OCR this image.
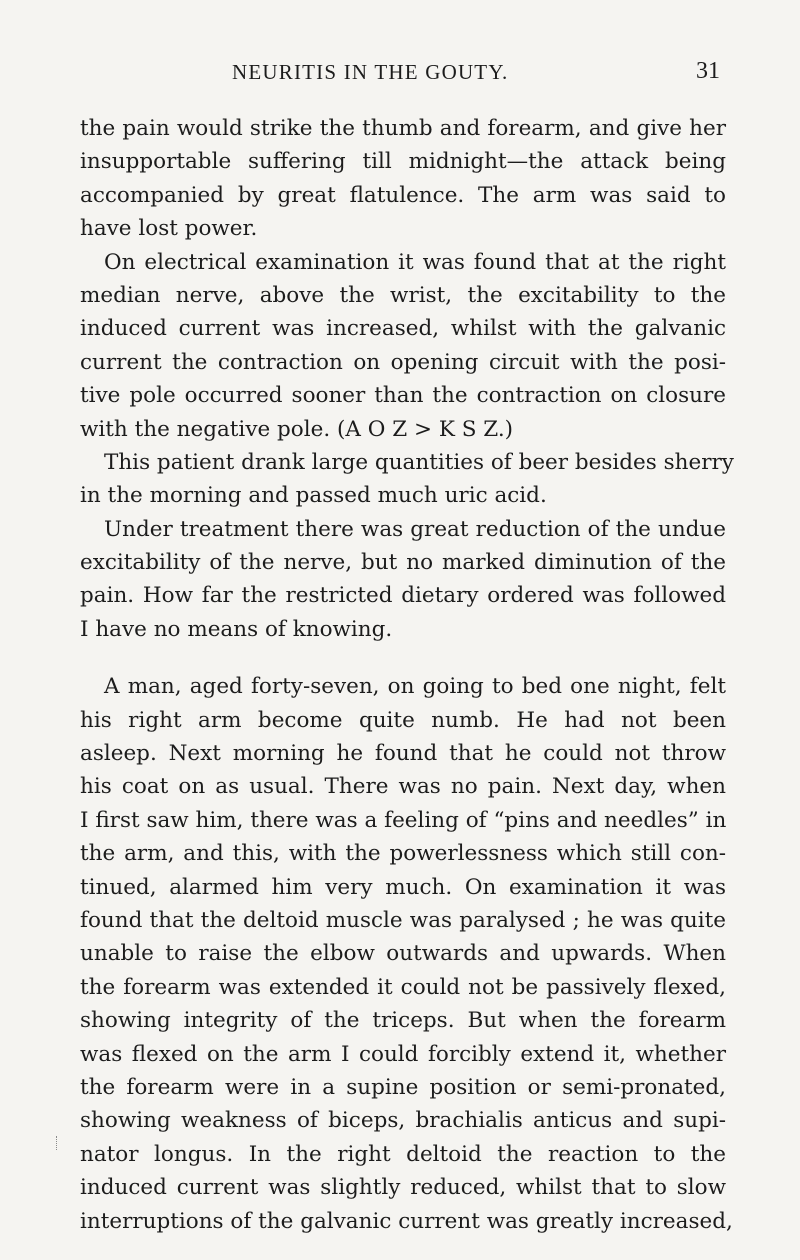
NEURITIS IN THE GOUTY.	31
the pain would strike the thumb and forearm, and give her
insupportable suffering till midnight—the attack being
accompanied by great flatulence. The arm was said to
have lost power.
On electrical examination it was found that at the right
median nerve, above the wrist, the excitability to the
induced current was increased, whilst with the galvanic
current the contraction on opening circuit with the posi-
tive pole occurred sooner than the contraction on closure
with the negative pole. (A O Z > K S Z.)
This patient drank large quantities of beer besides sherry
in the morning and passed much uric acid.
Under treatment there was great reduction of the undue
excitability of the nerve, but no marked diminution of the
pain. How far the restricted dietary ordered was followed
I have no means of knowing.
A man, aged forty-seven, on going to bed one night, felt
his right arm become quite numb. He had not been
asleep. Next morning he found that he could not throw
his coat on as usual. There was no pain. Next day, when
I first saw him, there was a feeling of “pins and needles” in
the arm, and this, with the powerlessness which still con-
tinued, alarmed him very much. On examination it was
found that the deltoid muscle was paralysed ; he was quite
unable to raise the elbow outwards and upwards. When
the forearm was extended it could not be passively flexed,
showing integrity of the triceps. But when the forearm
was flexed on the arm I could forcibly extend it, whether
the forearm were in a supine position or semi-pronated,
showing weakness of biceps, brachialis anticus and supi-
nator longus. In the right deltoid the reaction to the
induced current was slightly reduced, whilst that to slow
interruptions of the galvanic current was greatly increased,
